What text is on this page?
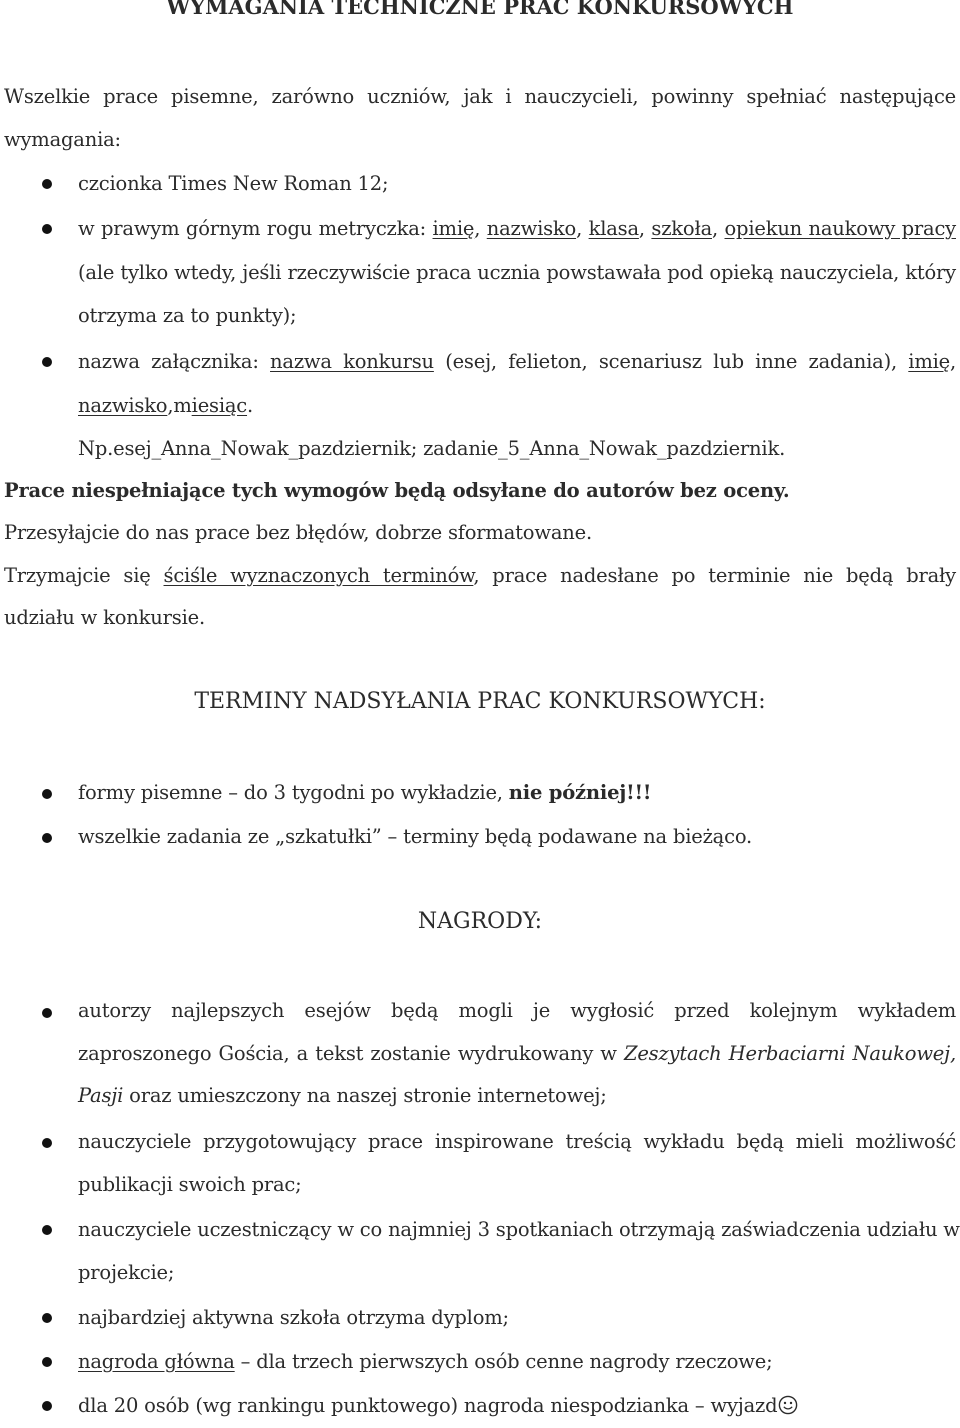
WYMAGANIA TECHNICZNE PRAC KONKURSOWYCH
Wszelkie prace pisemne, zarówno uczniów, jak i nauczycieli, powinny spełniać następujące
wymagania:
czcionka Times New Roman 12;
w prawym górnym rogu metryczka: imię, nazwisko, klasa, szkoła, opiekun naukowy pracy
(ale tylko wtedy, jeśli rzeczywiście praca ucznia powstawała pod opieką nauczyciela, który
otrzyma za to punkty);
nazwa załącznika: nazwa konkursu (esej, felieton, scenariusz lub inne zadania), imię,
nazwisko,miesiąc.
Np.esej_Anna_Nowak_pazdziernik; zadanie_5_Anna_Nowak_pazdziernik.
Prace niespełniające tych wymogów będą odsyłane do autorów bez oceny.
Przesyłajcie do nas prace bez błędów, dobrze sformatowane.
Trzymajcie się ściśle wyznaczonych terminów, prace nadesłane po terminie nie będą brały
udziału w konkursie.
TERMINY NADSYŁANIA PRAC KONKURSOWYCH:
formy pisemne – do 3 tygodni po wykładzie, nie później!!!
wszelkie zadania ze „szkatułki” – terminy będą podawane na bieżąco.
NAGRODY:
autorzy najlepszych esejów będą mogli je wygłosić przed kolejnym wykładem
zaproszonego Gościa, a tekst zostanie wydrukowany w Zeszytach Herbaciarni Naukowej,
Pasji oraz umieszczony na naszej stronie internetowej;
nauczyciele przygotowujący prace inspirowane treścią wykładu będą mieli możliwość
publikacji swoich prac;
nauczyciele uczestniczący w co najmniej 3 spotkaniach otrzymają zaświadczenia udziału w
projekcie;
najbardziej aktywna szkoła otrzyma dyplom;
nagroda główna – dla trzech pierwszych osób cenne nagrody rzeczowe;
dla 20 osób (wg rankingu punktowego) nagroda niespodzianka – wyjazd
